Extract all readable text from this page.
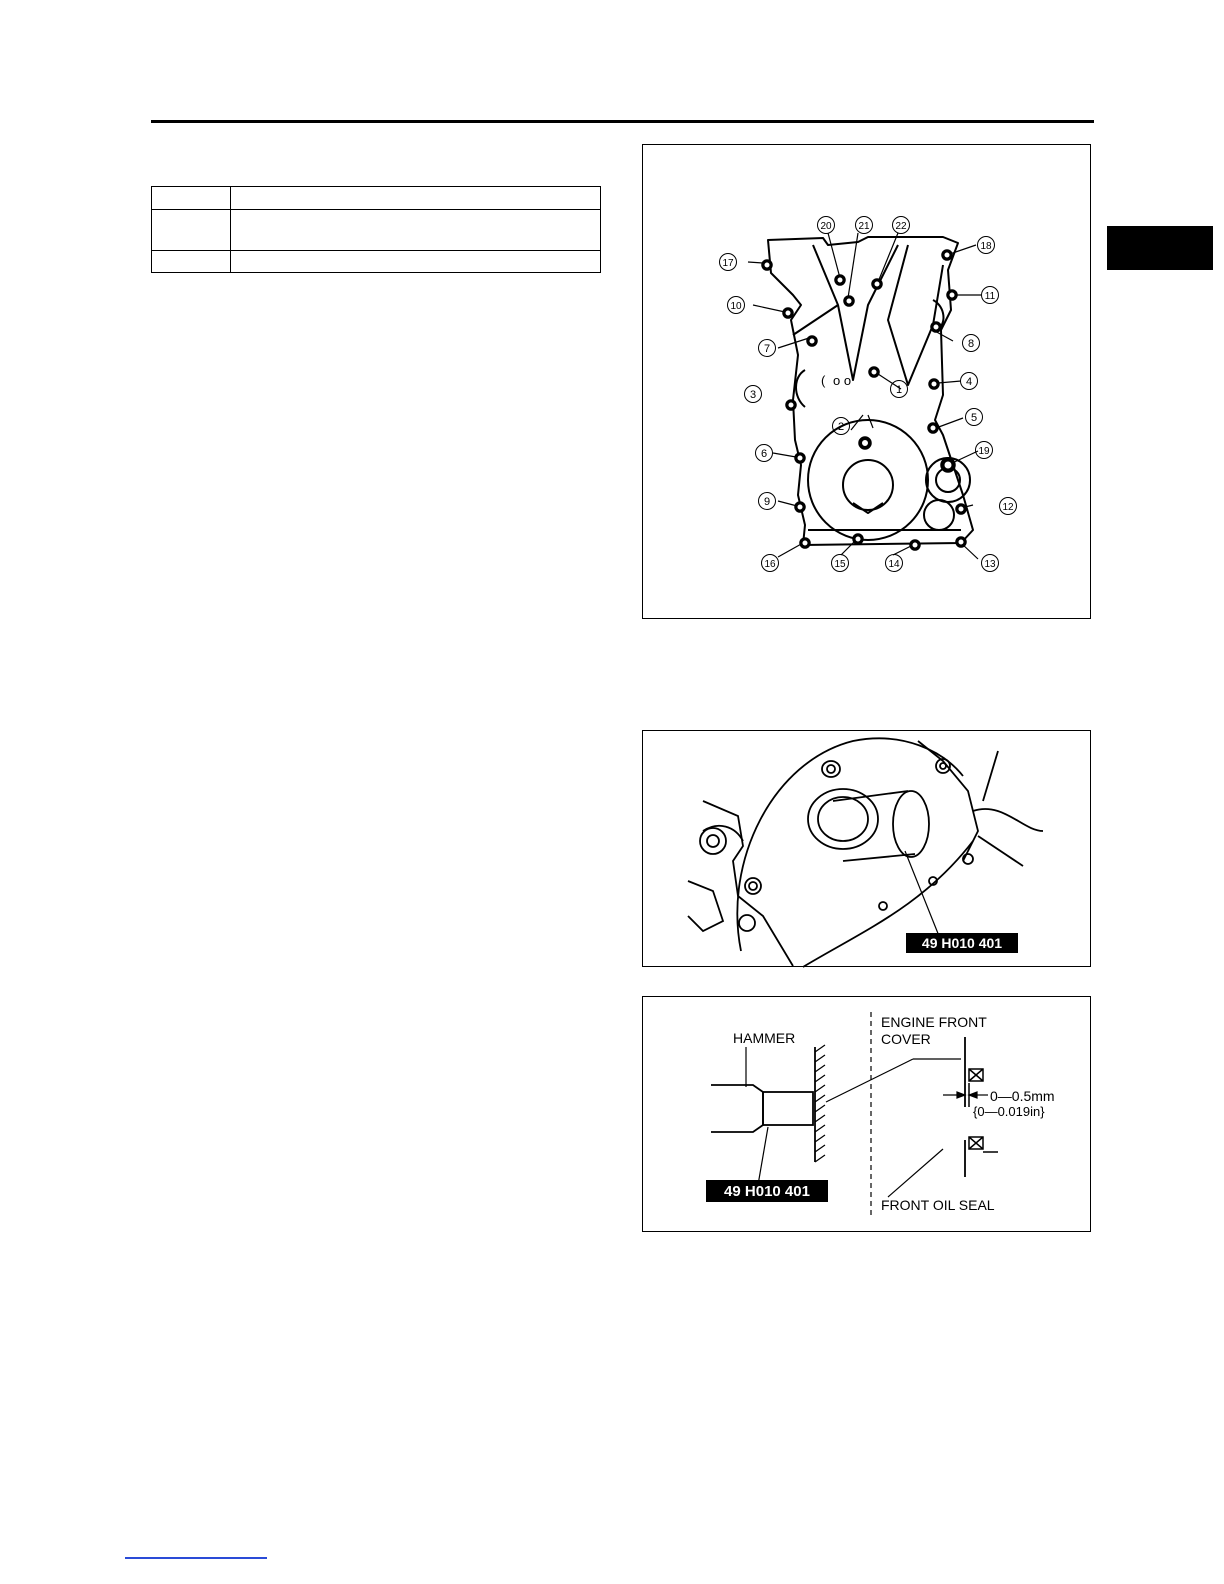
( o o
1
2
3
4
5
6
7	8
9
10
11
12
13
14
15
16
17
18
19
20	21	22
49 H010 401
HAMMER
ENGINE FRONT
COVER
0—0.5mm
{0—0.019in}
FRONT OIL SEAL
49 H010 401
